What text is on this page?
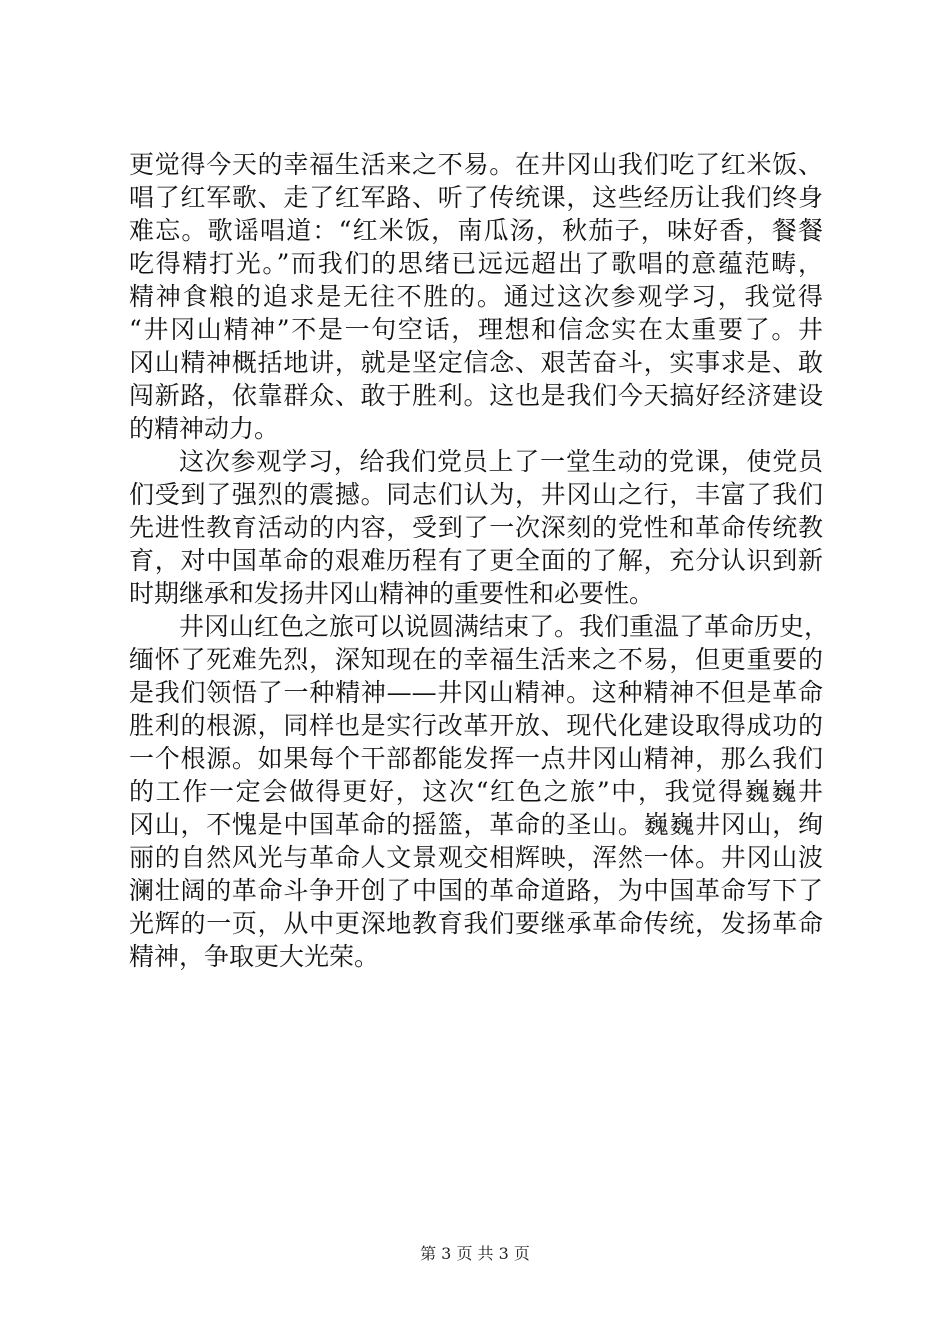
更觉得今天的幸福生活来之不易。在井冈山我们吃了红米饭、
唱了红军歌、走了红军路、听了传统课，这些经历让我们终身
难忘。歌谣唱道：“红米饭，南瓜汤，秋茄子，味好香，餐餐
吃得精打光。”而我们的思绪已远远超出了歌唱的意蕴范畴，
精神食粮的追求是无往不胜的。通过这次参观学习，我觉得
“井冈山精神”不是一句空话，理想和信念实在太重要了。井
冈山精神概括地讲，就是坚定信念、艰苦奋斗，实事求是、敢
闯新路，依靠群众、敢于胜利。这也是我们今天搞好经济建设
的精神动力。
这次参观学习，给我们党员上了一堂生动的党课，使党员
们受到了强烈的震撼。同志们认为，井冈山之行，丰富了我们
先进性教育活动的内容，受到了一次深刻的党性和革命传统教
育，对中国革命的艰难历程有了更全面的了解，充分认识到新
时期继承和发扬井冈山精神的重要性和必要性。
井冈山红色之旅可以说圆满结束了。我们重温了革命历史，
缅怀了死难先烈，深知现在的幸福生活来之不易，但更重要的
是我们领悟了一种精神——井冈山精神。这种精神不但是革命
胜利的根源，同样也是实行改革开放、现代化建设取得成功的
一个根源。如果每个干部都能发挥一点井冈山精神，那么我们
的工作一定会做得更好，这次“红色之旅”中，我觉得巍巍井
冈山，不愧是中国革命的摇篮，革命的圣山。巍巍井冈山，绚
丽的自然风光与革命人文景观交相辉映，浑然一体。井冈山波
澜壮阔的革命斗争开创了中国的革命道路，为中国革命写下了
光辉的一页，从中更深地教育我们要继承革命传统，发扬革命
精神，争取更大光荣。
第 3 页 共 3 页
